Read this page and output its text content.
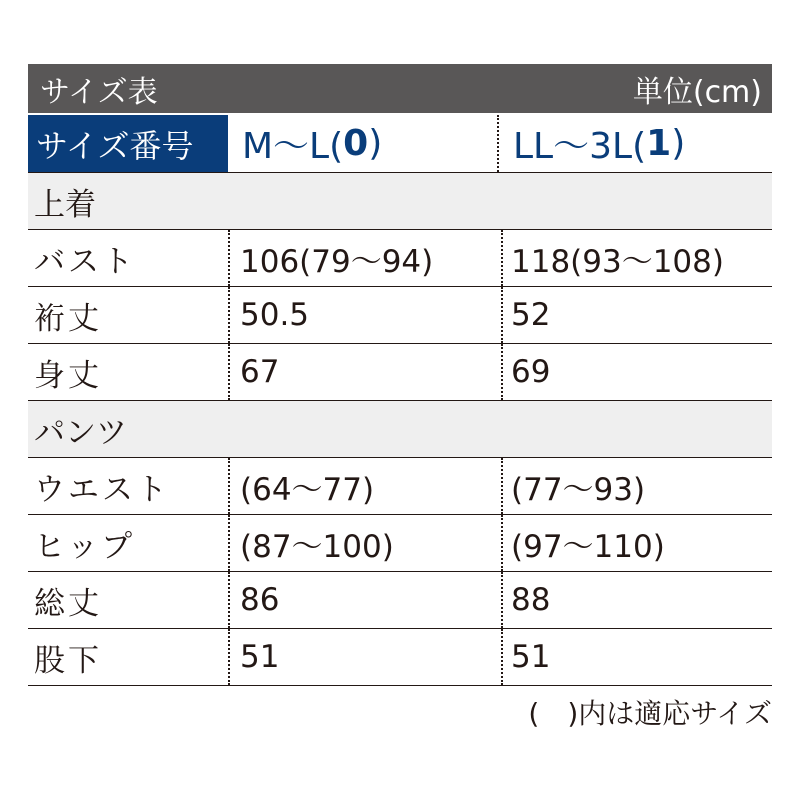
サイズ表	単位(cm)
サイズ番号	M〜L( 0 )	LL〜3L( 1 )
上着
バスト	106(79〜94)	118(93〜108)
裄丈	50.5	52
身丈	67	69
パンツ
ウエスト	(64〜77)	(77〜93)
ヒップ	(87〜100)	(97〜110)
総丈	86	88
股下	51	51
(　)内は適応サイズ
